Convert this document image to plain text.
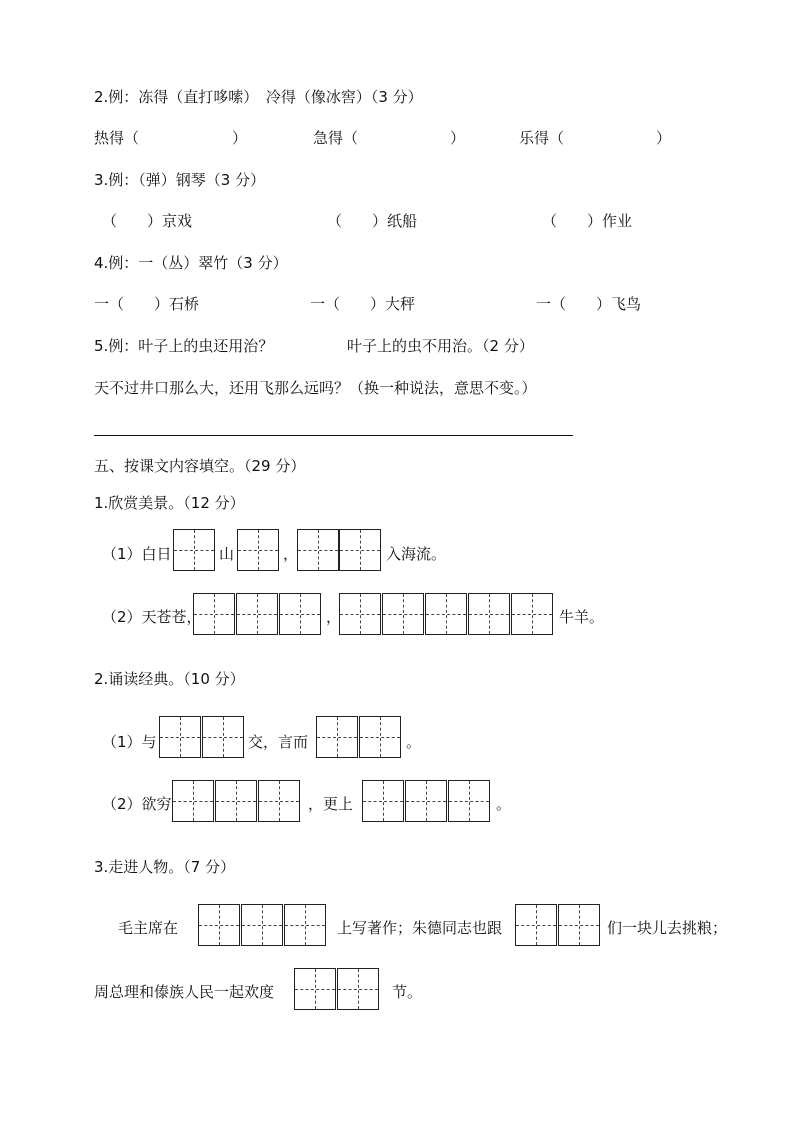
2.例：冻得（直打哆嗦）　冷得（像冰窖）（3 分）
热得（	）	急得（	）	乐得（	）
3.例：（弹）钢琴（3 分）
（　　）京戏	（　　）纸船	（　　）作业
4.例：一（丛）翠竹（3 分）
一（　　）石桥	一（　　）大秤	一（　　）飞鸟
5.例：叶子上的虫还用治？	叶子上的虫不用治。（2 分）
天不过井口那么大，还用飞那么远吗？（换一种说法，意思不变。）
五、按课文内容填空。（29 分）
1.欣赏美景。（12 分）
（1）白日	山	，	入海流。
（2）天苍苍，	，	牛羊。
2.诵读经典。（10 分）
（1）与	交，言而	。
（2）欲穷	，更上	。
3.走进人物。（7 分）
毛主席在	上写著作；朱德同志也跟	们一块儿去挑粮；
周总理和傣族人民一起欢度	节。
